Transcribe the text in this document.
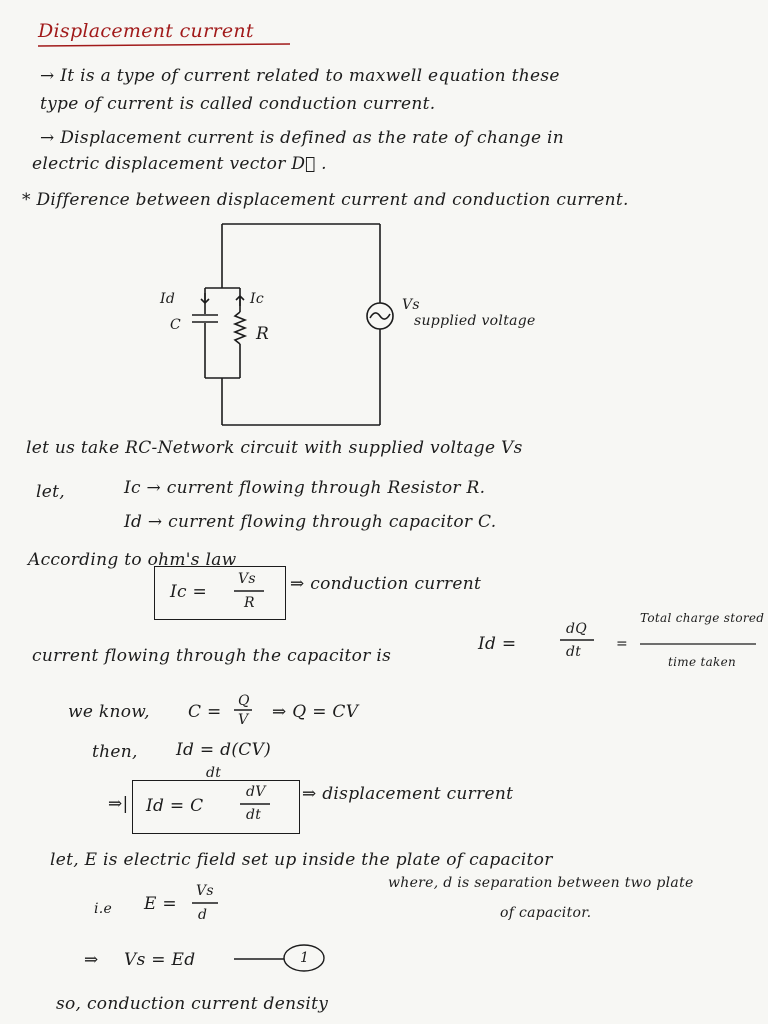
Displacement current
→ It is a type of current related to maxwell equation these
type of current is called conduction current.
→ Displacement current is defined as the rate of change in
electric displacement vector D⃗ .
* Difference between displacement current and conduction current.
Id	Ic
C	R
Vs
supplied voltage
let us take RC-Network circuit with supplied voltage Vs
let,	Ic → current flowing through Resistor R.
Id → current flowing through capacitor C.
According to ohm's law
Ic =
Vs
R
⇒ conduction current
current flowing through the capacitor is
Id =
dQ
dt =
Total charge stored
time taken
we know, C =
Q
V ⇒ Q = CV
then, Id = d(CV)
dt
⇒| Id = C
dV
dt
⇒ displacement current
let, E is electric field set up inside the plate of capacitor
i.e E =
Vs
d
where, d is separation between two plate
of capacitor.
⇒ Vs = Ed	1
so, conduction current density
